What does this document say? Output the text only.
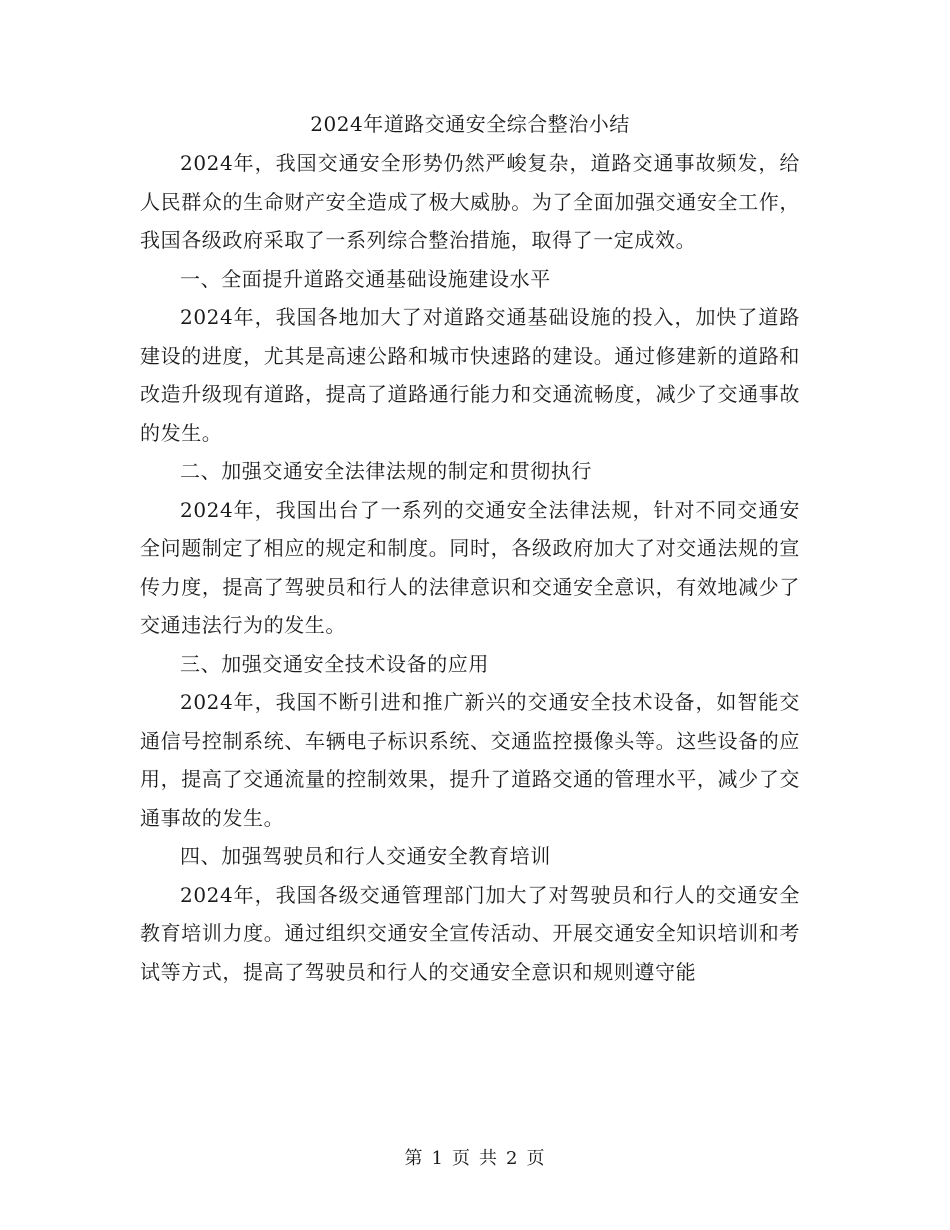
2024年道路交通安全综合整治小结

2024年，我国交通安全形势仍然严峻复杂，道路交通事故频发，给人民群众的生命财产安全造成了极大威胁。为了全面加强交通安全工作，我国各级政府采取了一系列综合整治措施，取得了一定成效。

一、全面提升道路交通基础设施建设水平

2024年，我国各地加大了对道路交通基础设施的投入，加快了道路建设的进度，尤其是高速公路和城市快速路的建设。通过修建新的道路和改造升级现有道路，提高了道路通行能力和交通流畅度，减少了交通事故的发生。

二、加强交通安全法律法规的制定和贯彻执行

2024年，我国出台了一系列的交通安全法律法规，针对不同交通安全问题制定了相应的规定和制度。同时，各级政府加大了对交通法规的宣传力度，提高了驾驶员和行人的法律意识和交通安全意识，有效地减少了交通违法行为的发生。

三、加强交通安全技术设备的应用

2024年，我国不断引进和推广新兴的交通安全技术设备，如智能交通信号控制系统、车辆电子标识系统、交通监控摄像头等。这些设备的应用，提高了交通流量的控制效果，提升了道路交通的管理水平，减少了交通事故的发生。

四、加强驾驶员和行人交通安全教育培训

2024年，我国各级交通管理部门加大了对驾驶员和行人的交通安全教育培训力度。通过组织交通安全宣传活动、开展交通安全知识培训和考试等方式，提高了驾驶员和行人的交通安全意识和规则遵守能

第 1 页 共 2 页
